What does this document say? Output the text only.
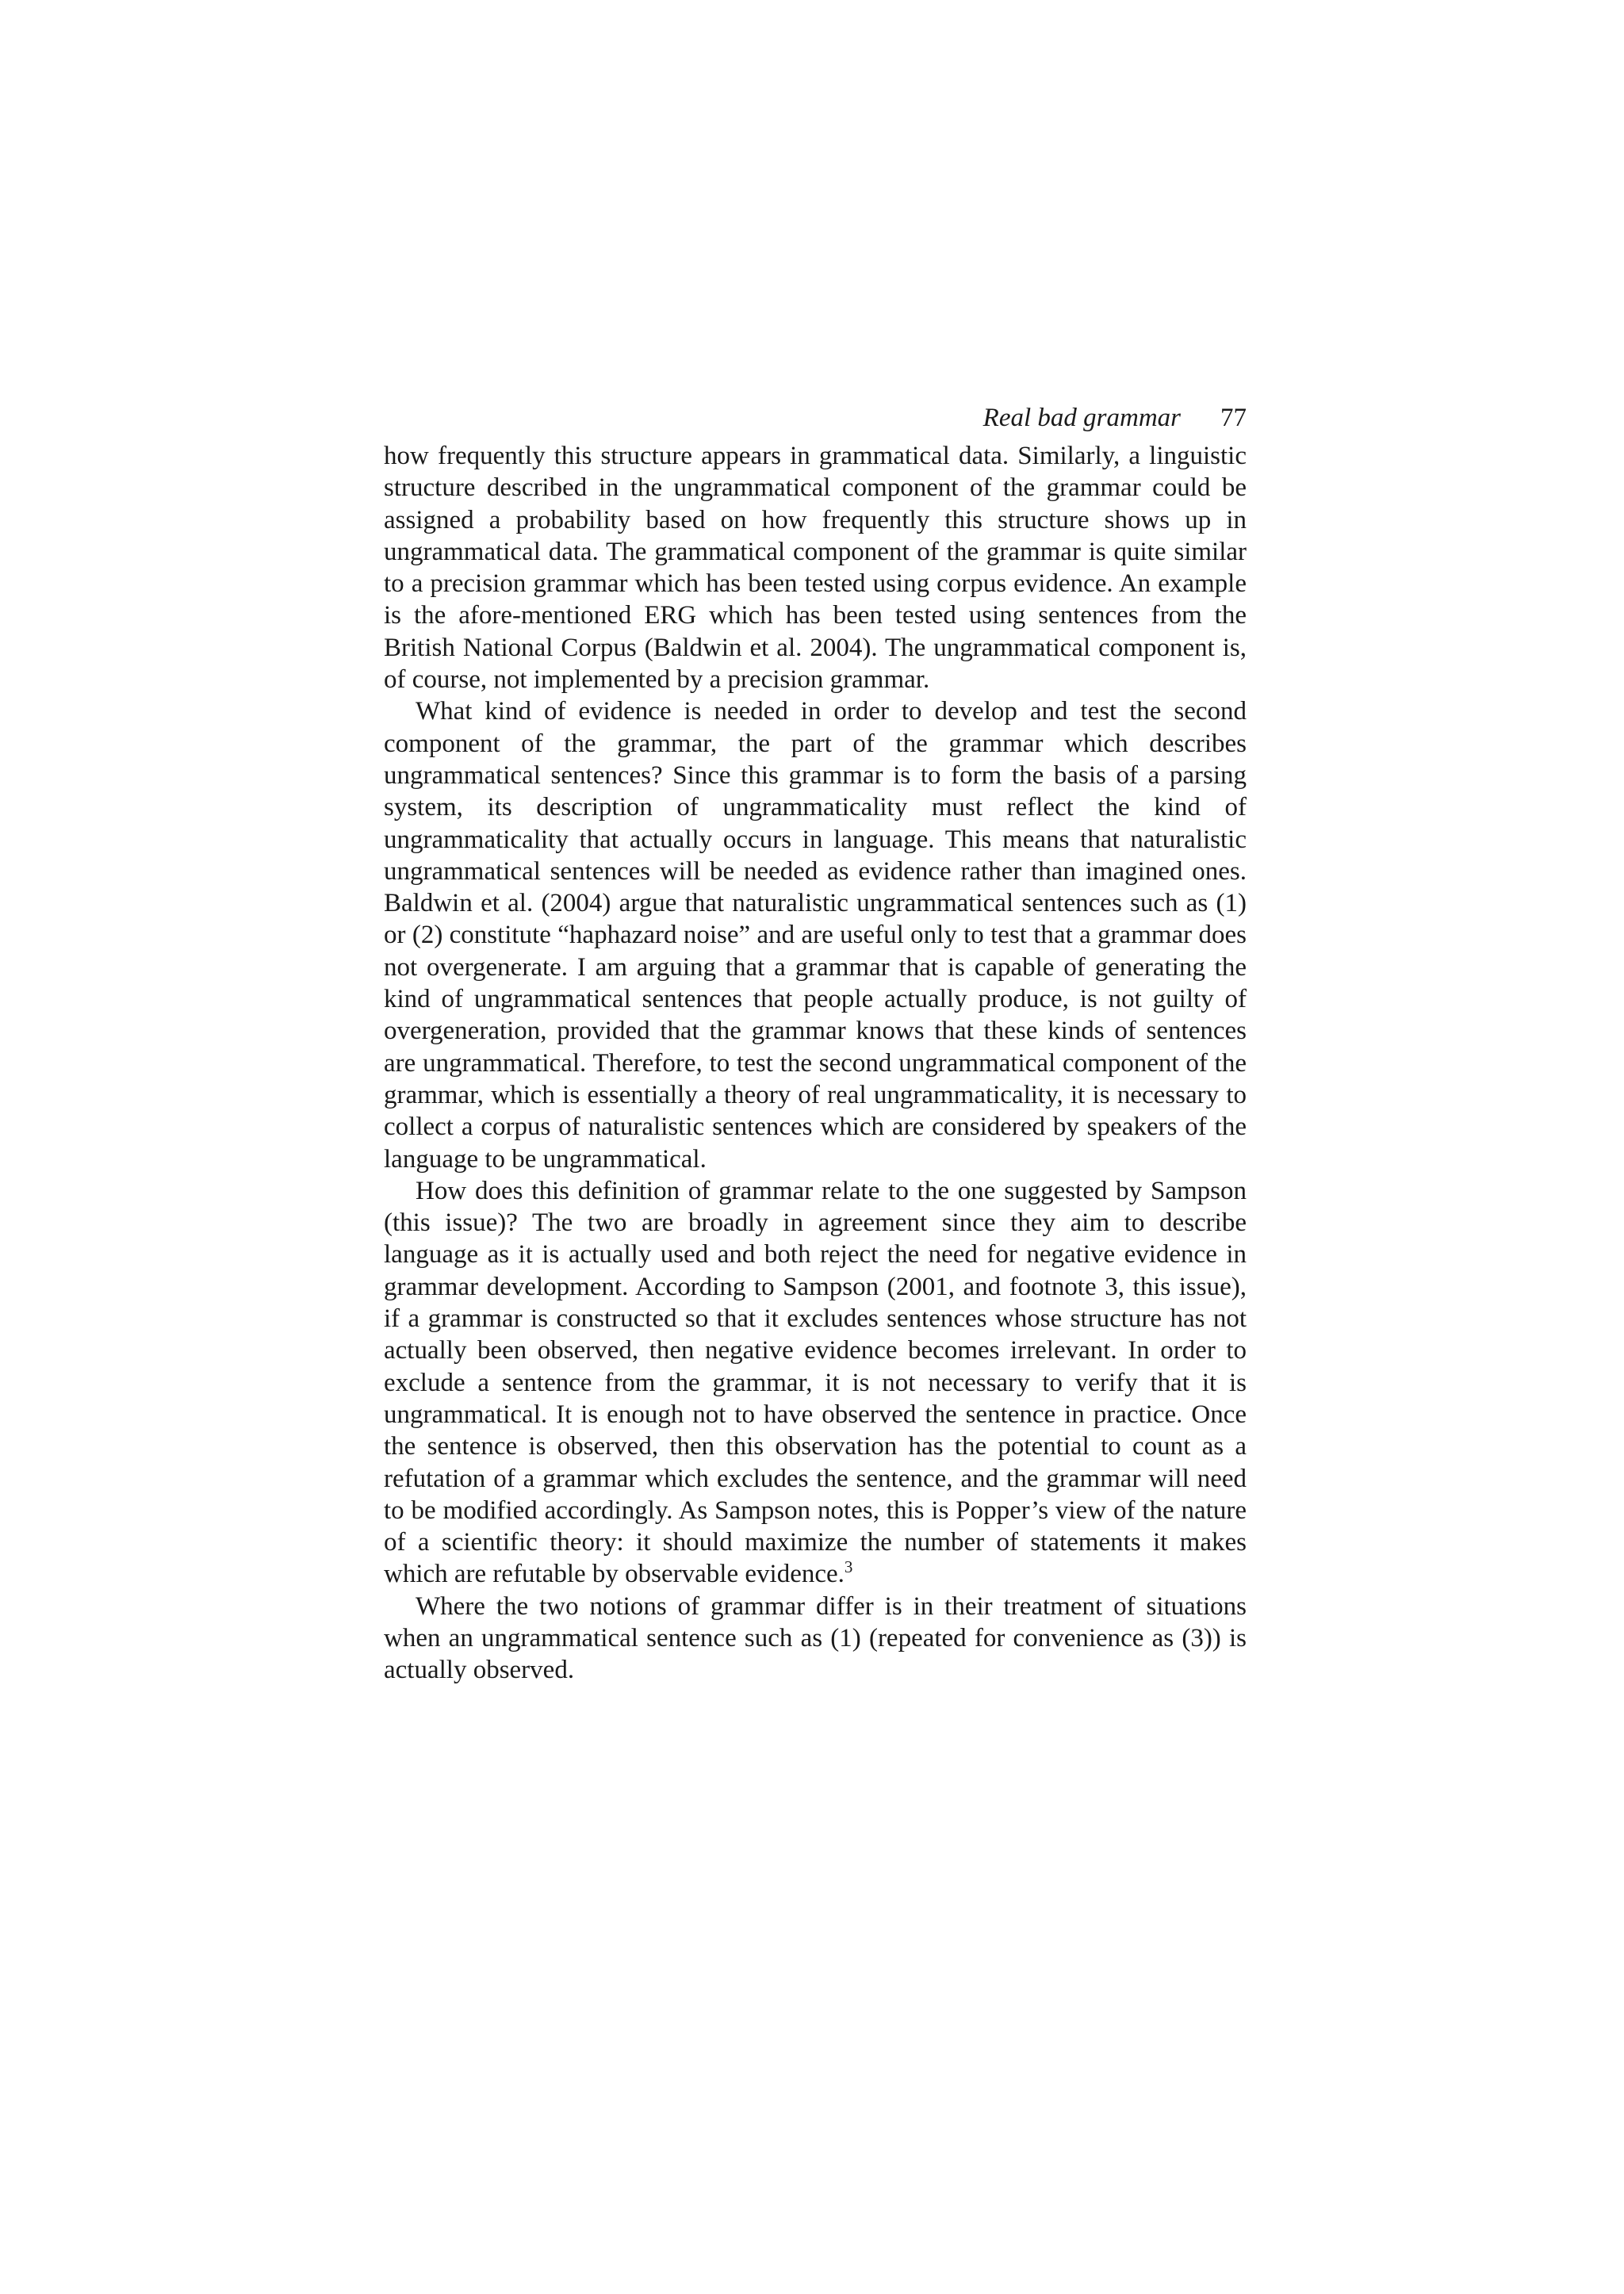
Real bad grammar 77

how frequently this structure appears in grammatical data. Similarly, a linguistic structure described in the ungrammatical component of the grammar could be assigned a probability based on how frequently this structure shows up in ungrammatical data. The grammatical component of the grammar is quite similar to a precision grammar which has been tested using corpus evidence. An example is the afore-mentioned ERG which has been tested using sentences from the British National Corpus (Baldwin et al. 2004). The ungrammatical component is, of course, not implemented by a precision grammar.

What kind of evidence is needed in order to develop and test the second component of the grammar, the part of the grammar which describes ungrammatical sentences? Since this grammar is to form the basis of a parsing system, its description of ungrammaticality must reflect the kind of ungrammaticality that actually occurs in language. This means that naturalistic ungrammatical sentences will be needed as evidence rather than imagined ones. Baldwin et al. (2004) argue that naturalistic ungrammatical sentences such as (1) or (2) constitute “haphazard noise” and are useful only to test that a grammar does not overgenerate. I am arguing that a grammar that is capable of generating the kind of ungrammatical sentences that people actually produce, is not guilty of overgeneration, provided that the grammar knows that these kinds of sentences are ungrammatical. Therefore, to test the second ungrammatical component of the grammar, which is essentially a theory of real ungrammaticality, it is necessary to collect a corpus of naturalistic sentences which are considered by speakers of the language to be ungrammatical.

How does this definition of grammar relate to the one suggested by Sampson (this issue)? The two are broadly in agreement since they aim to describe language as it is actually used and both reject the need for negative evidence in grammar development. According to Sampson (2001, and footnote 3, this issue), if a grammar is constructed so that it excludes sentences whose structure has not actually been observed, then negative evidence becomes irrelevant. In order to exclude a sentence from the grammar, it is not necessary to verify that it is ungrammatical. It is enough not to have observed the sentence in practice. Once the sentence is observed, then this observation has the potential to count as a refutation of a grammar which excludes the sentence, and the grammar will need to be modified accordingly. As Sampson notes, this is Popper’s view of the nature of a scientific theory: it should maximize the number of statements it makes which are refutable by observable evidence.$^3$

Where the two notions of grammar differ is in their treatment of situations when an ungrammatical sentence such as (1) (repeated for convenience as (3)) is actually observed.
